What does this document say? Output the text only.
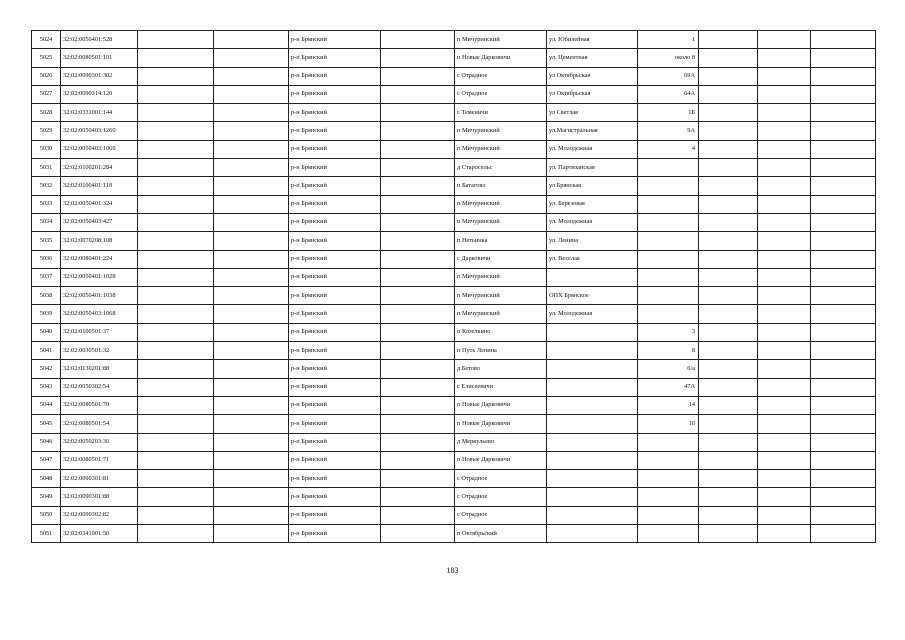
5024	32:02:0050401:528			р-н Брянский		п Мичуринский	ул. Юбилейная	1			
5025	32:02:0080501:101			р-н Брянский		п Новые Дарковичи	ул. Цементная	около 8			
5026	32:02:0090301:302			р-н Брянский		с Отрадное	ул Октябрьская	69А			
5027	32:02:0090314:120			р-н Брянский		с Отрадное	ул Октябрьская	64А			
5028	32:02:0331001:144			р-н Брянский		с Теменичи	ул Светлая	1Б			
5029	32:02:0050403:1260			р-н Брянский		п Мичуринский	ул.Магистральная	9А			
5030	32:02:0050403:1066			р-н Брянский		п Мичуринский	ул. Молодежная	4			
5031	32:02:0100201:284			р-н Брянский		д Старосельс	ул. Партизанская				
5032	32:02:0100401:118			р-н Брянский		п Батагово	ул Брянская				
5033	32:02:0050401:324			р-н Брянский		п Мичуринский	ул. Березовая				
5034	32:02:0050403:427			р-н Брянский		п Мичуринский	ул. Молодежная				
5035	32:02:0070208:108			р-н Брянский		п Нетьинка	ул. Ленина				
5036	32:02:0080401:224			р-н Брянский		с Дарковичи	ул. Веселая				
5037	32:02:0050401:1028			р-н Брянский		п Мичуринский					
5038	32:02:0050401:1038			р-н Брянский		п Мичуринский	ОПХ Брянское				
5039	32:02:0050403:1068			р-н Брянский		п Мичуринский	ул. Молодежная				
5040	32:02:0100501:37			р-н Брянский		п Козелкино		3			
5041	32:02:0030501:32			р-н Брянский		п Путь Ленина		8			
5042	32:02:0130201:88			р-н Брянский		д Бетово		6/а			
5043	32:02:0050302:54			р-н Брянский		с Елисеевичи		47А			
5044	32:02:0080501:70			р-н Брянский		п Новые Дарковичи		14			
5045	32:02:0080501:54			р-н Брянский		п Новые Дарковичи		10			
5046	32:02:0050203:30			р-н Брянский		д Меркульево					
5047	32:02:0080501:71			р-н Брянский		п Новые Дарковичи					
5048	32:02:0090301:81			р-н Брянский		с Отрадное					
5049	32:02:0090301:88			р-н Брянский		с Отрадное					
5050	32:02:0090302:82			р-н Брянский		с Отрадное					
5051	32:02:0341001:50			р-н Брянский		п Октябрьский					
183
